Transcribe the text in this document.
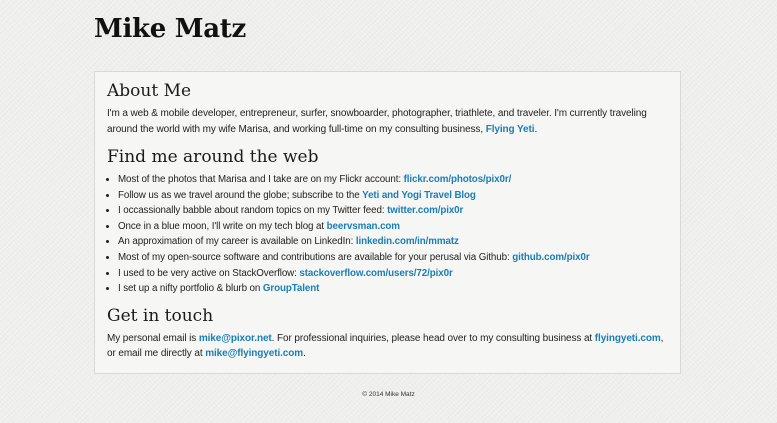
Mike Matz
About Me

I'm a web & mobile developer, entrepreneur, surfer, snowboarder, photographer, triathlete, and traveler. I'm currently traveling around the world with my wife Marisa, and working full-time on my consulting business, Flying Yeti.

Find me around the web
• Most of the photos that Marisa and I take are on my Flickr account: flickr.com/photos/pix0r/
• Follow us as we travel around the globe; subscribe to the Yeti and Yogi Travel Blog
• I occassionally babble about random topics on my Twitter feed: twitter.com/pix0r
• Once in a blue moon, I'll write on my tech blog at beervsman.com
• An approximation of my career is available on LinkedIn: linkedin.com/in/mmatz
• Most of my open-source software and contributions are available for your perusal via Github: github.com/pix0r
• I used to be very active on StackOverflow: stackoverflow.com/users/72/pix0r
• I set up a nifty portfolio & blurb on GroupTalent
Get in touch

My personal email is mike@pixor.net. For professional inquiries, please head over to my consulting business at flyingyeti.com, or email me directly at mike@flyingyeti.com.

© 2014 Mike Matz
